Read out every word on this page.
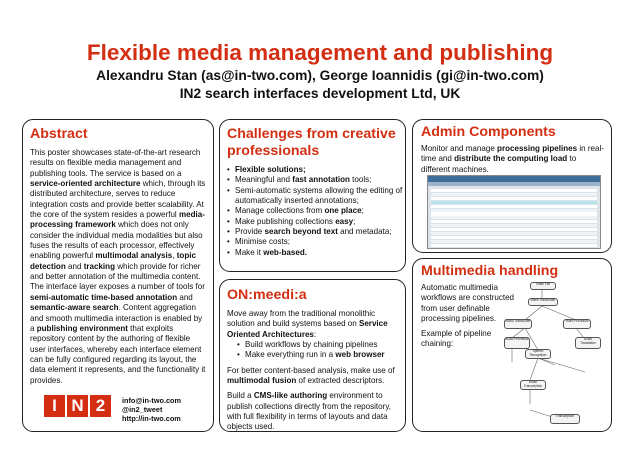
Flexible media management and publishing
Alexandru Stan (as@in-two.com), George Ioannidis (gi@in-two.com)
IN2 search interfaces development Ltd, UK
Abstract
This poster showcases state-of-the-art research results on flexible media management and publishing tools. The service is based on a service-oriented architecture which, through its distributed architecture, serves to reduce integration costs and provide better scalability. At the core of the system resides a powerful media-processing framework which does not only consider the individual media modalities but also fuses the results of each processor, effectively enabling powerful multimodal analysis, topic detection and tracking which provide for richer and better annotation of the multimedia content. The interface layer exposes a number of tools for semi-automatic time-based annotation and semantic-aware search. Content aggregation and smooth multimedia interaction is enabled by a publishing environment that exploits repository content by the authoring of flexible user interfaces, whereby each interface element can be fully configured regarding its layout, the data element it represents, and the functionality it provides.
I N 2	info@in-two.com
@in2_tweet
http://in-two.com
Challenges from creative professionals
• Flexible solutions;
• Meaningful and fast annotation tools;
• Semi-automatic systems allowing the editing of automatically inserted annotations;
• Manage collections from one place;
• Make publishing collections easy;
• Provide search beyond text and metadata;
• Minimise costs;
• Make it web-based.
ON:meedi:a
Move away from the traditional monolithic solution and build systems based on Service Oriented Architectures:
• Build workflows by chaining pipelines
• Make everything run in a web browser
For better content-based analysis, make use of multimodal fusion of extracted descriptors.
Build a CMS-like authoring environment to publish collections directly from the repository, with full flexibility in terms of layouts and data objects used.
Admin Components
Monitor and manage processing pipelines in real-time and distribute the computing load to different machines.
Multimedia handling
Automatic multimedia workflows are constructed from user definable processing pipelines.
Example of pipeline chaining:
Video File
Video Transcoder
Audio Transcoder	Video Processor
Audio Processor
Speech Recognition
Audio Translation
Audio Transcription
Transcription
